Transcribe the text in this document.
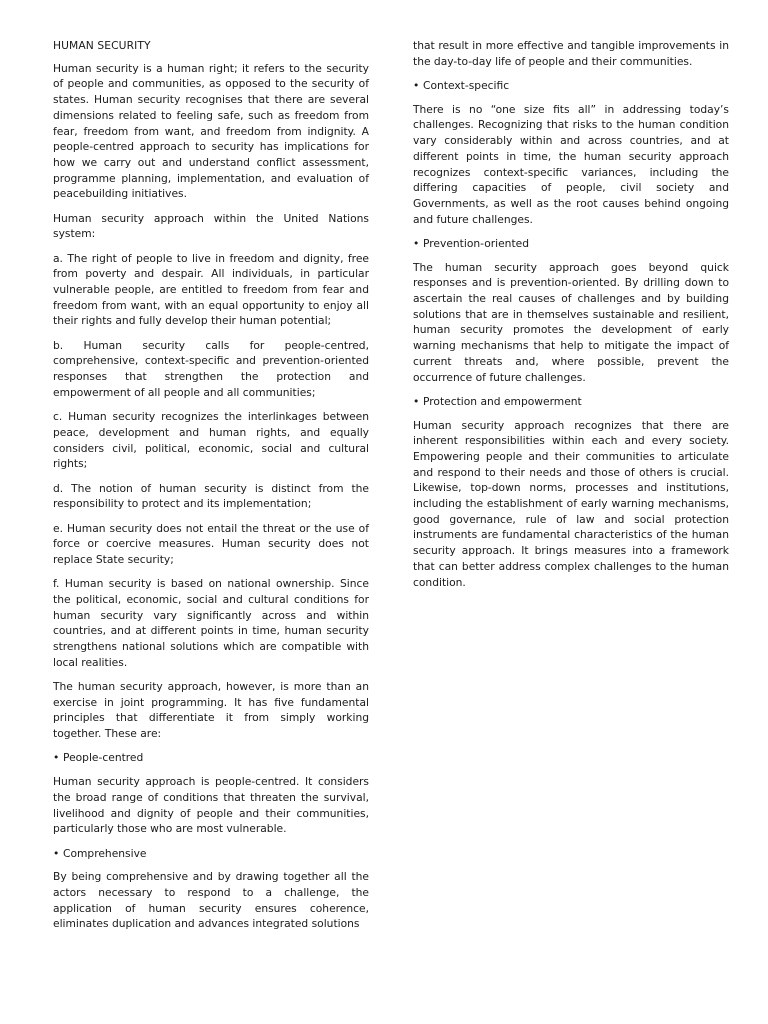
HUMAN SECURITY

Human security is a human right; it refers to the security of people and communities, as opposed to the security of states. Human security recognises that there are several dimensions related to feeling safe, such as freedom from fear, freedom from want, and freedom from indignity. A people-centred approach to security has implications for how we carry out and understand conflict assessment, programme planning, implementation, and evaluation of peacebuilding initiatives.

Human security approach within the United Nations system:

a. The right of people to live in freedom and dignity, free from poverty and despair. All individuals, in particular vulnerable people, are entitled to freedom from fear and freedom from want, with an equal opportunity to enjoy all their rights and fully develop their human potential;

b. Human security calls for people-centred, comprehensive, context-specific and prevention-oriented responses that strengthen the protection and empowerment of all people and all communities;

c. Human security recognizes the interlinkages between peace, development and human rights, and equally considers civil, political, economic, social and cultural rights;

d. The notion of human security is distinct from the responsibility to protect and its implementation;

e. Human security does not entail the threat or the use of force or coercive measures. Human security does not replace State security;

f. Human security is based on national ownership. Since the political, economic, social and cultural conditions for human security vary significantly across and within countries, and at different points in time, human security strengthens national solutions which are compatible with local realities.

The human security approach, however, is more than an exercise in joint programming. It has five fundamental principles that differentiate it from simply working together. These are:

• People-centred

Human security approach is people-centred. It considers the broad range of conditions that threaten the survival, livelihood and dignity of people and their communities, particularly those who are most vulnerable.

• Comprehensive

By being comprehensive and by drawing together all the actors necessary to respond to a challenge, the application of human security ensures coherence, eliminates duplication and advances integrated solutions

that result in more effective and tangible improvements in the day-to-day life of people and their communities.

• Context-specific

There is no “one size fits all” in addressing today’s challenges. Recognizing that risks to the human condition vary considerably within and across countries, and at different points in time, the human security approach recognizes context-specific variances, including the differing capacities of people, civil society and Governments, as well as the root causes behind ongoing and future challenges.

• Prevention-oriented

The human security approach goes beyond quick responses and is prevention-oriented. By drilling down to ascertain the real causes of challenges and by building solutions that are in themselves sustainable and resilient, human security promotes the development of early warning mechanisms that help to mitigate the impact of current threats and, where possible, prevent the occurrence of future challenges.

• Protection and empowerment

Human security approach recognizes that there are inherent responsibilities within each and every society. Empowering people and their communities to articulate and respond to their needs and those of others is crucial. Likewise, top-down norms, processes and institutions, including the establishment of early warning mechanisms, good governance, rule of law and social protection instruments are fundamental characteristics of the human security approach. It brings measures into a framework that can better address complex challenges to the human condition.
